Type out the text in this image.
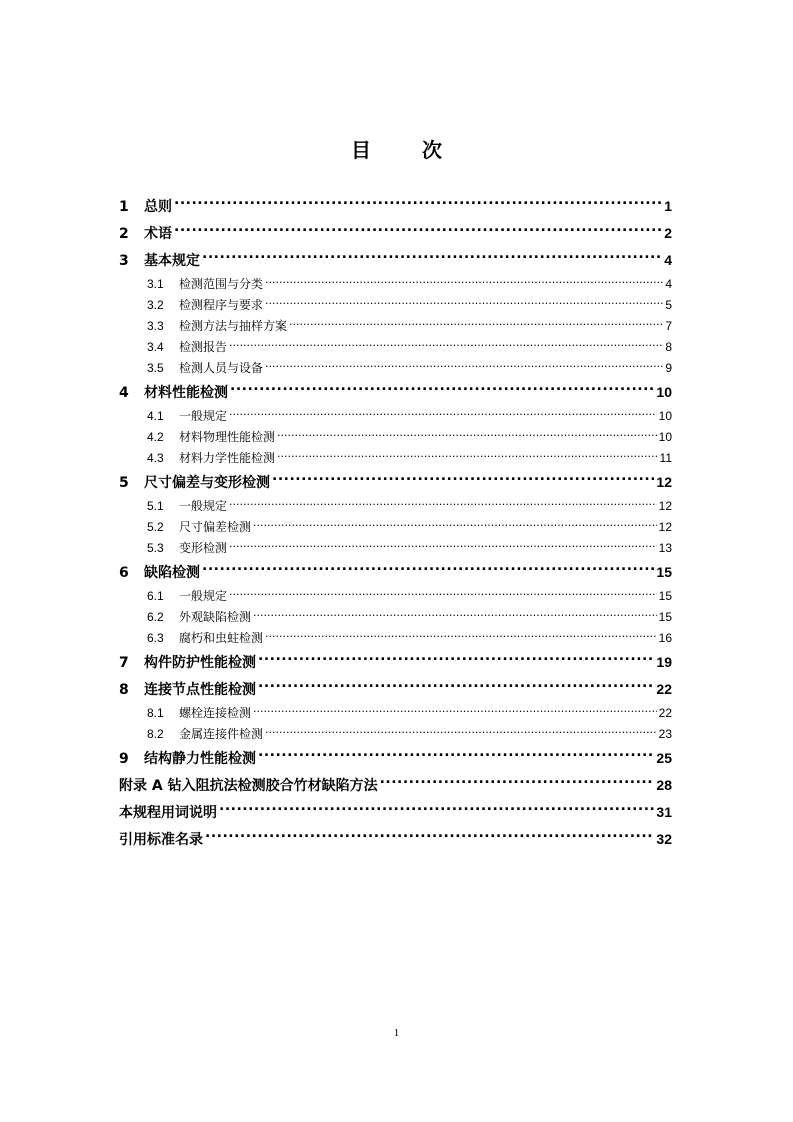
目 次
1	总则 .....	1
2	术语 .....	2
3	基本规定 .....	4
3.1	检测范围与分类 .....	4
3.2	检测程序与要求 .....	5
3.3	检测方法与抽样方案 .....	7
3.4	检测报告 .....	8
3.5	检测人员与设备 .....	9
4	材料性能检测 .....	10
4.1	一般规定 .....	10
4.2	材料物理性能检测 .....	10
4.3	材料力学性能检测 .....	11
5	尺寸偏差与变形检测 .....	12
5.1	一般规定 .....	12
5.2	尺寸偏差检测 .....	12
5.3	变形检测 .....	13
6	缺陷检测 .....	15
6.1	一般规定 .....	15
6.2	外观缺陷检测 .....	15
6.3	腐朽和虫蛀检测 .....	16
7	构件防护性能检测 .....	19
8	连接节点性能检测 .....	22
8.1	螺栓连接检测 .....	22
8.2	金属连接件检测 .....	23
9	结构静力性能检测 .....	25
附录 A 钻入阻抗法检测胶合竹材缺陷方法 .....	28
本规程用词说明 .....	31
引用标准名录 .....	32
1
